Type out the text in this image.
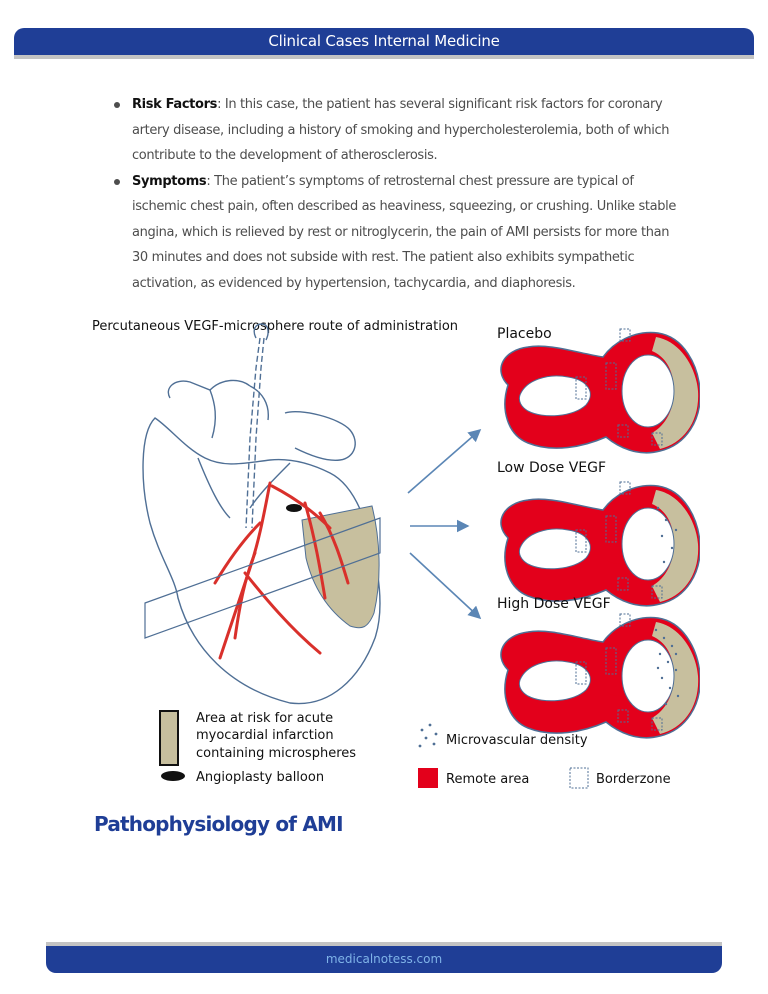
Clinical Cases Internal Medicine
Risk Factors: In this case, the patient has several significant risk factors for coronary artery disease, including a history of smoking and hypercholesterolemia, both of which contribute to the development of atherosclerosis.
Symptoms: The patient’s symptoms of retrosternal chest pressure are typical of ischemic chest pain, often described as heaviness, squeezing, or crushing. Unlike stable angina, which is relieved by rest or nitroglycerin, the pain of AMI persists for more than 30 minutes and does not subside with rest. The patient also exhibits sympathetic activation, as evidenced by hypertension, tachycardia, and diaphoresis.
Percutaneous VEGF-microsphere route of administration	Placebo
Low Dose VEGF
High Dose VEGF
Area at risk for acute
myocardial infarction
containing microspheres
Angioplasty balloon
Microvascular density
Remote area	Borderzone
Pathophysiology of AMI
medicalnotess.com
